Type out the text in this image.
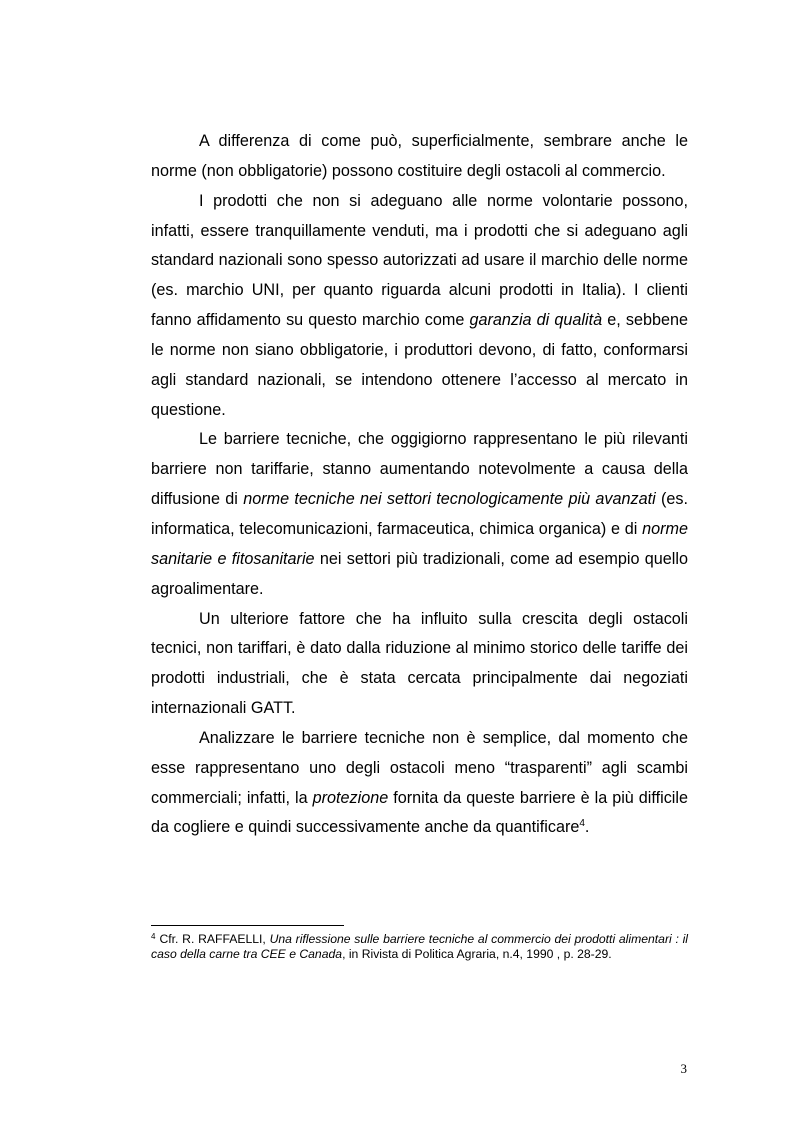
A differenza di come può, superficialmente, sembrare anche le norme (non obbligatorie) possono costituire degli ostacoli al commercio.

I prodotti che non si adeguano alle norme volontarie possono, infatti, essere tranquillamente venduti, ma i prodotti che si adeguano agli standard nazionali sono spesso autorizzati ad usare il marchio delle norme (es. marchio UNI, per quanto riguarda alcuni prodotti in Italia). I clienti fanno affidamento su questo marchio come garanzia di qualità e, sebbene le norme non siano obbligatorie, i produttori devono, di fatto, conformarsi agli standard nazionali, se intendono ottenere l’accesso al mercato in questione.

Le barriere tecniche, che oggigiorno rappresentano le più rilevanti barriere non tariffarie, stanno aumentando notevolmente a causa della diffusione di norme tecniche nei settori tecnologicamente più avanzati (es. informatica, telecomunicazioni, farmaceutica, chimica organica) e di norme sanitarie e fitosanitarie nei settori più tradizionali, come ad esempio quello agroalimentare.

Un ulteriore fattore che ha influito sulla crescita degli ostacoli tecnici, non tariffari, è dato dalla riduzione al minimo storico delle tariffe dei prodotti industriali, che è stata cercata principalmente dai negoziati internazionali GATT.

Analizzare le barriere tecniche non è semplice, dal momento che esse rappresentano uno degli ostacoli meno “trasparenti” agli scambi commerciali; infatti, la protezione fornita da queste barriere è la più difficile da cogliere e quindi successivamente anche da quantificare$^4$.

$^4$ Cfr. R. RAFFAELLI, Una riflessione sulle barriere tecniche al commercio dei prodotti alimentari : il caso della carne tra CEE e Canada, in Rivista di Politica Agraria, n.4, 1990 , p. 28-29.

3
